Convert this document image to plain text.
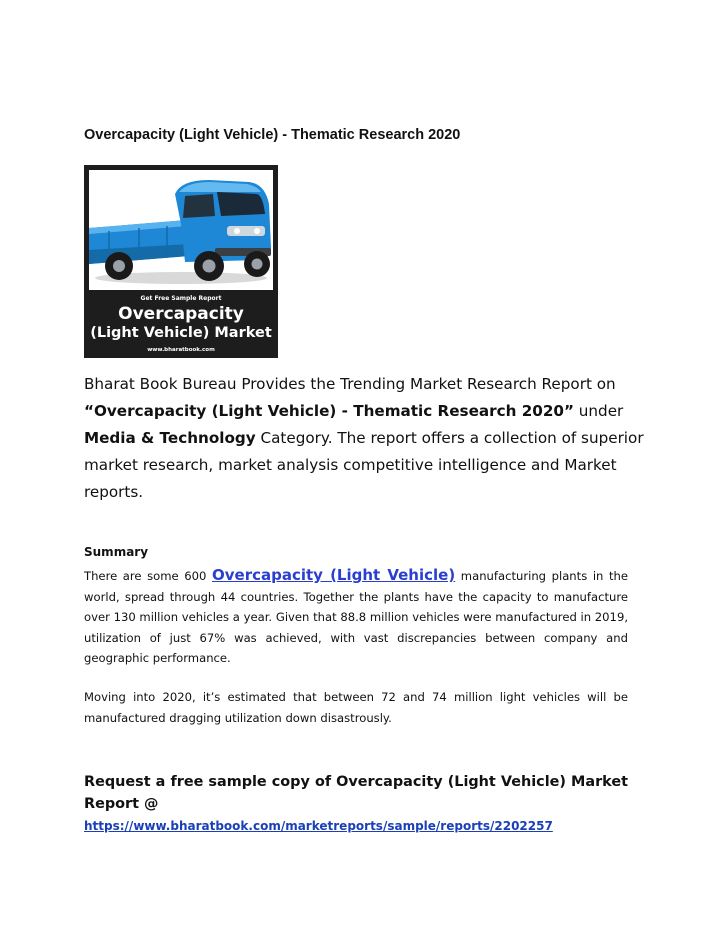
Overcapacity (Light Vehicle) - Thematic Research 2020
Get Free Sample Report
Overcapacity
(Light Vehicle) Market
www.bharatbook.com
Bharat Book Bureau Provides the Trending Market Research Report on “Overcapacity (Light Vehicle) - Thematic Research 2020” under Media & Technology Category. The report offers a collection of superior market research, market analysis competitive intelligence and Market reports.
Summary
There are some 600 Overcapacity (Light Vehicle) manufacturing plants in the world, spread through 44 countries. Together the plants have the capacity to manufacture over 130 million vehicles a year. Given that 88.8 million vehicles were manufactured in 2019, utilization of just 67% was achieved, with vast discrepancies between company and geographic performance.
Moving into 2020, it’s estimated that between 72 and 74 million light vehicles will be manufactured dragging utilization down disastrously.
Request a free sample copy of Overcapacity (Light Vehicle) Market Report @
https://www.bharatbook.com/marketreports/sample/reports/2202257
